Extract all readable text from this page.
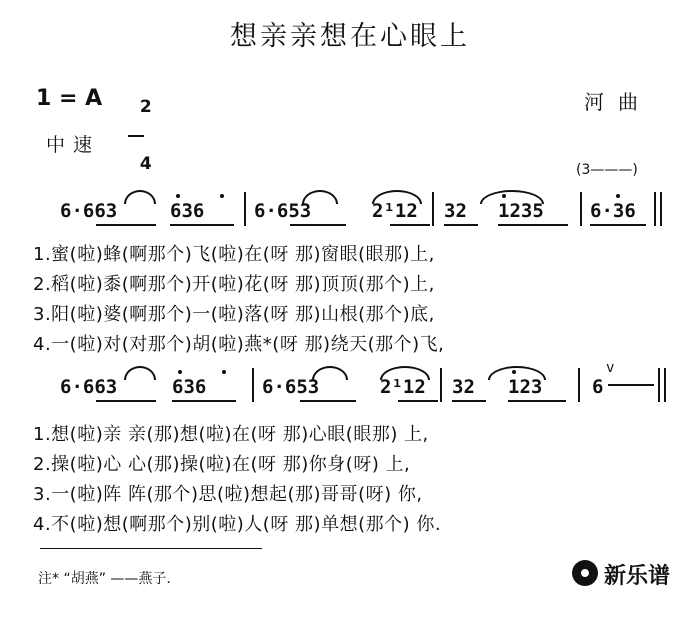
想亲亲想在心眼上
1 = A	2

4

河曲
中速
6·663	636	6·653	2¹12 32 1235 6·36
(3———)
1.蜜(啦)蜂(啊那个)飞(啦)在(呀 那)窗眼(眼那)上,
2.稻(啦)黍(啊那个)开(啦)花(呀 那)顶顶(那个)上,
3.阳(啦)婆(啊那个)一(啦)落(呀 那)山根(那个)底,
4.一(啦)对(对那个)胡(啦)燕*(呀 那)绕天(那个)飞,
6·663	636	6·653	2¹12 32 123	6
v
1.想(啦)亲 亲(那)想(啦)在(呀 那)心眼(眼那) 上,
2.操(啦)心 心(那)操(啦)在(呀 那)你身(呀) 上,
3.一(啦)阵 阵(那个)思(啦)想起(那)哥哥(呀) 你,
4.不(啦)想(啊那个)别(啦)人(呀 那)单想(那个) 你.
注* “胡燕” ——燕子.

	新乐谱
